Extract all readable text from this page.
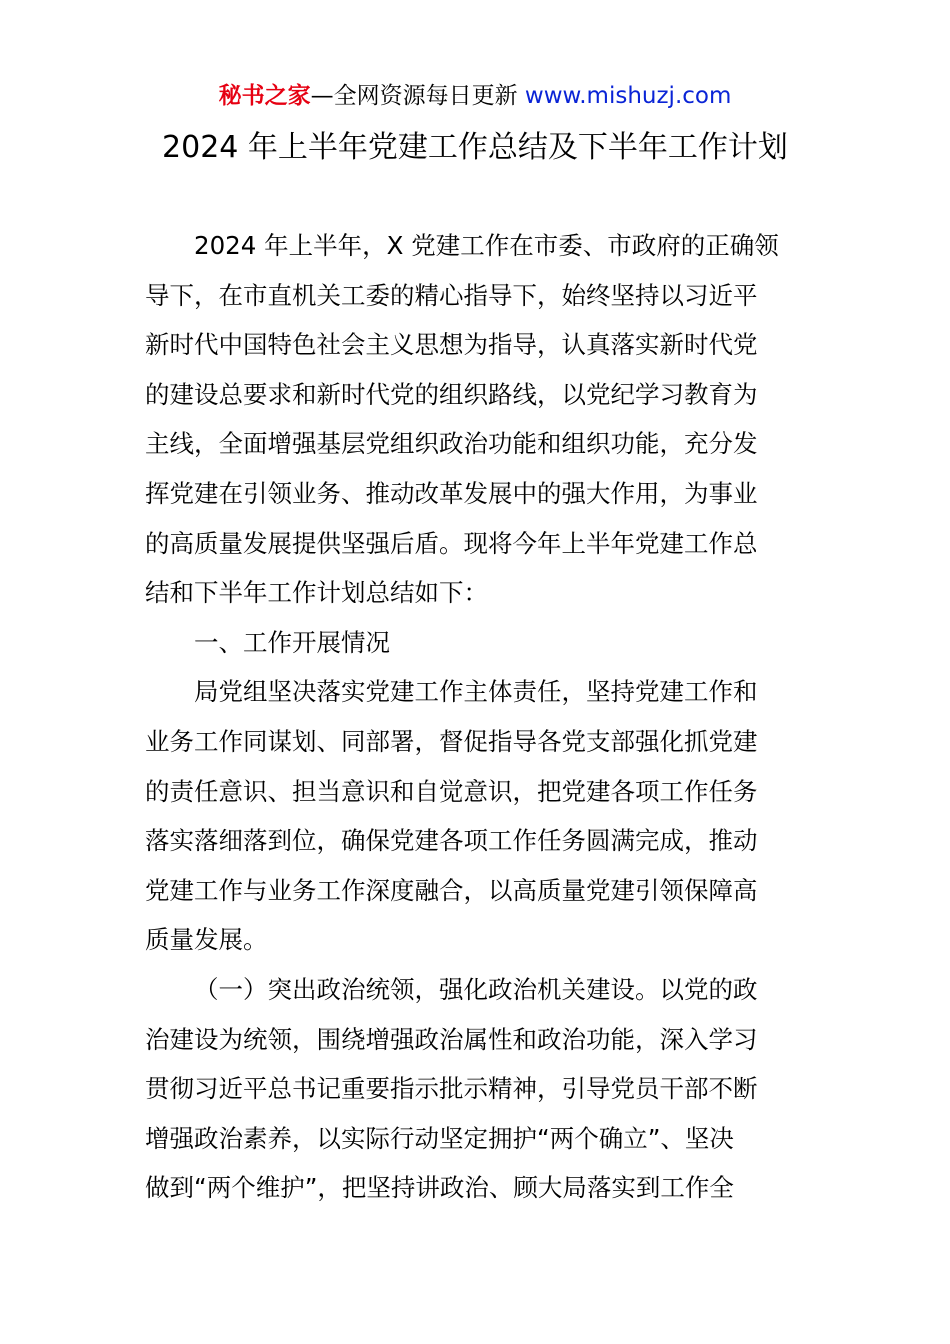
秘书之家—全网资源每日更新 www.mishuzj.com
2024 年上半年党建工作总结及下半年工作计划
2024 年上半年，X 党建工作在市委、市政府的正确领
导下，在市直机关工委的精心指导下，始终坚持以习近平
新时代中国特色社会主义思想为指导，认真落实新时代党
的建设总要求和新时代党的组织路线，以党纪学习教育为
主线，全面增强基层党组织政治功能和组织功能，充分发
挥党建在引领业务、推动改革发展中的强大作用，为事业
的高质量发展提供坚强后盾。现将今年上半年党建工作总
结和下半年工作计划总结如下：
一、工作开展情况
局党组坚决落实党建工作主体责任，坚持党建工作和
业务工作同谋划、同部署，督促指导各党支部强化抓党建
的责任意识、担当意识和自觉意识，把党建各项工作任务
落实落细落到位，确保党建各项工作任务圆满完成，推动
党建工作与业务工作深度融合，以高质量党建引领保障高
质量发展。
（一）突出政治统领，强化政治机关建设。以党的政
治建设为统领，围绕增强政治属性和政治功能，深入学习
贯彻习近平总书记重要指示批示精神，引导党员干部不断
增强政治素养，以实际行动坚定拥护“两个确立”、坚决
做到“两个维护”，把坚持讲政治、顾大局落实到工作全
